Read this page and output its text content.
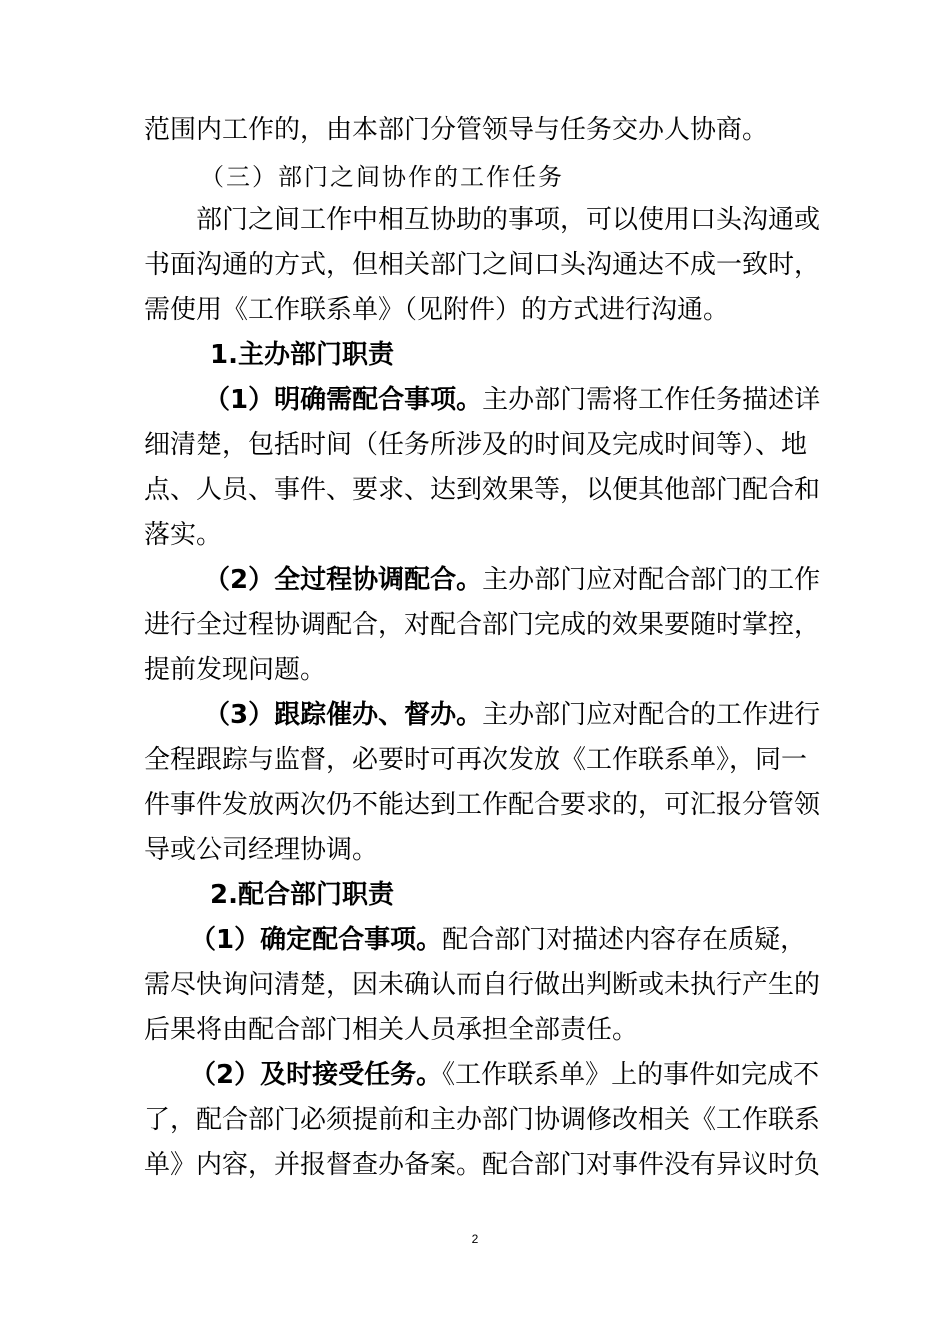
范围内工作的，由本部门分管领导与任务交办人协商。
（三）部门之间协作的工作任务
部门之间工作中相互协助的事项，可以使用口头沟通或
书面沟通的方式，但相关部门之间口头沟通达不成一致时，
需使用《工作联系单》（见附件）的方式进行沟通。
1.主办部门职责
（1）明确需配合事项。主办部门需将工作任务描述详
细清楚，包括时间（任务所涉及的时间及完成时间等）、地
点、人员、事件、要求、达到效果等，以便其他部门配合和
落实。
（2）全过程协调配合。主办部门应对配合部门的工作
进行全过程协调配合，对配合部门完成的效果要随时掌控，
提前发现问题。
（3）跟踪催办、督办。主办部门应对配合的工作进行
全程跟踪与监督，必要时可再次发放《工作联系单》，同一
件事件发放两次仍不能达到工作配合要求的，可汇报分管领
导或公司经理协调。
2.配合部门职责
（1）确定配合事项。配合部门对描述内容存在质疑，
需尽快询问清楚，因未确认而自行做出判断或未执行产生的
后果将由配合部门相关人员承担全部责任。
（2）及时接受任务。《工作联系单》上的事件如完成不
了，配合部门必须提前和主办部门协调修改相关《工作联系
单》内容，并报督查办备案。配合部门对事件没有异议时负
2
